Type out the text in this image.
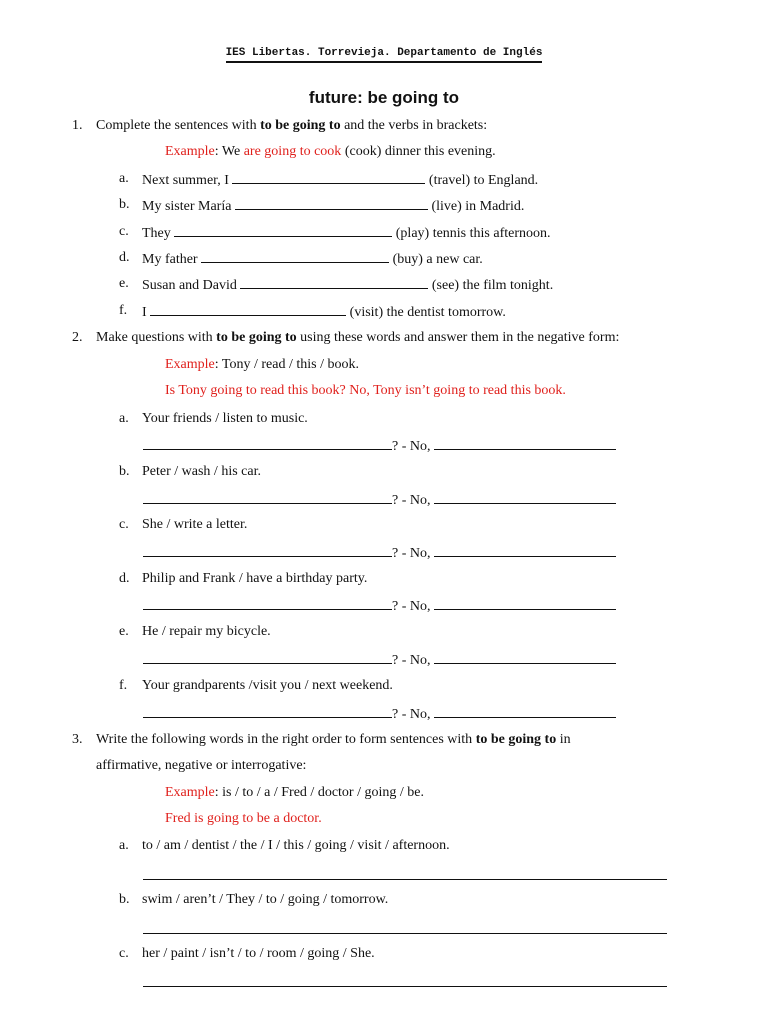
IES Libertas. Torrevieja. Departamento de Inglés
future: be going to
1. Complete the sentences with to be going to and the verbs in brackets:
Example: We are going to cook (cook) dinner this evening.
a. Next summer, I	(travel) to England.
b. My sister María	(live) in Madrid.
c. They	(play) tennis this afternoon.
d. My father	(buy) a new car.
e. Susan and David	(see) the film tonight.
f. I	(visit) the dentist tomorrow.
2. Make questions with to be going to using these words and answer them in the negative form:
Example: Tony / read / this / book.
Is Tony going to read this book? No, Tony isn’t going to read this book.
a. Your friends / listen to music.
? - No,
b. Peter / wash / his car.
? - No,
c. She / write a letter.
? - No,
d. Philip and Frank / have a birthday party.
? - No,
e. He / repair my bicycle.
? - No,
f. Your grandparents /visit you / next weekend.
? - No,
3. Write the following words in the right order to form sentences with to be going to in
affirmative, negative or interrogative:
Example: is / to / a / Fred / doctor / going / be.
Fred is going to be a doctor.
a. to / am / dentist / the / I / this / going / visit / afternoon.
b. swim / aren’t / They / to / going / tomorrow.
c. her / paint / isn’t / to / room / going / She.
